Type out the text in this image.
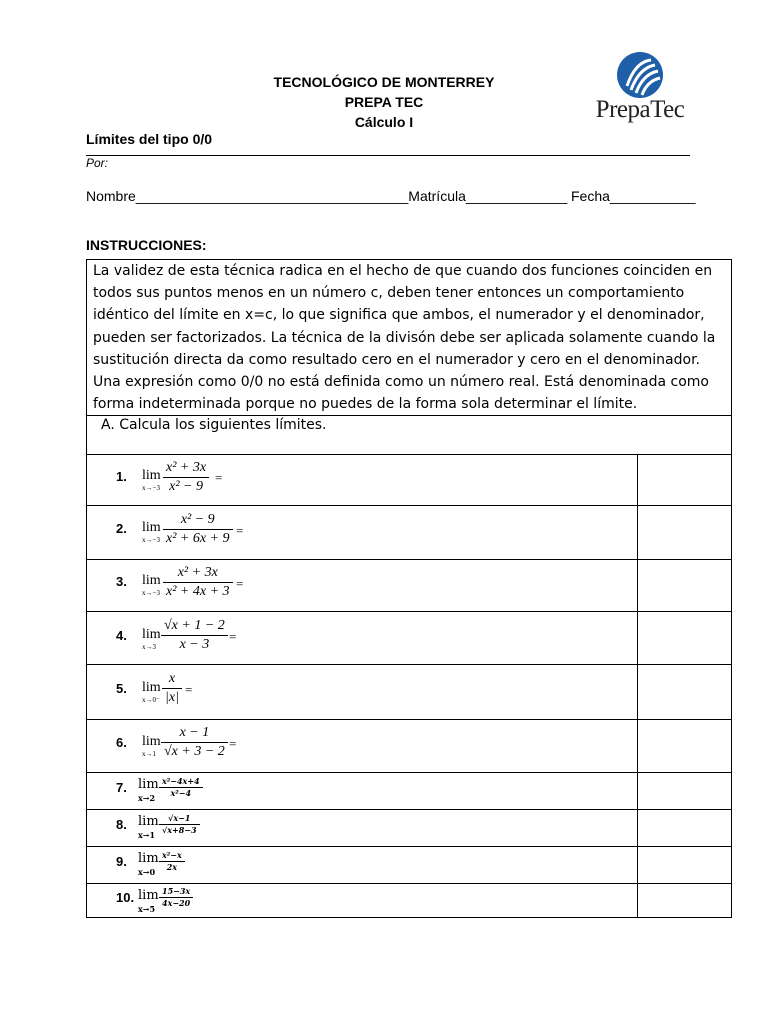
TECNOLÓGICO DE MONTERREY
PREPA TEC
Cálculo I	PrepaTec
Límites del tipo 0/0
Por:
Nombre___________________________________Matrícula_____________ Fecha___________
INSTRUCCIONES:
La validez de esta técnica radica en el hecho de que cuando dos funciones coinciden en todos sus puntos menos en un número c, deben tener entonces un comportamiento idéntico del límite en x=c, lo que significa que ambos, el numerador y el denominador, pueden ser factorizados. La técnica de la divisón debe ser aplicada solamente cuando la sustitución directa da como resultado cero en el numerador y cero en el denominador. Una expresión como 0/0 no está definida como un número real. Está denominada como forma indeterminada porque no puedes de la forma sola determinar el límite.
A. Calcula los siguientes límites.
1. lim
$x\to-3 \frac{\text{x² + 3x}}{\text{x² − 9}}$ =
2. lim
$x\to-3 \frac{\text{x² − 9}}{\text{x² + 6x + 9}}$ =
3. lim
$x\to-3 \frac{\text{x² + 3x}}{\text{x² + 4x + 3}}$ =
4. lim
$x\to 3 \frac{√x + 1 - 2}{x - 3}$ =
5. lim
$x\to 0^- \frac{x}{|x|}$ =
6. lim
$x\to 1 \frac{x - 1}{√x + 3 - 2}$ =
7. lim
$x\to 2 \frac{\text{x²−4x+4}}{\text{x²−4}}$
8. lim
$x\to 1 \frac{√x-1}{√x+8-3}$
9. lim
$x\to 0 \frac{\text{x²−x}}{2x}$
10. lim
$x\to 5 \frac{15-3x}{4x-20}$
